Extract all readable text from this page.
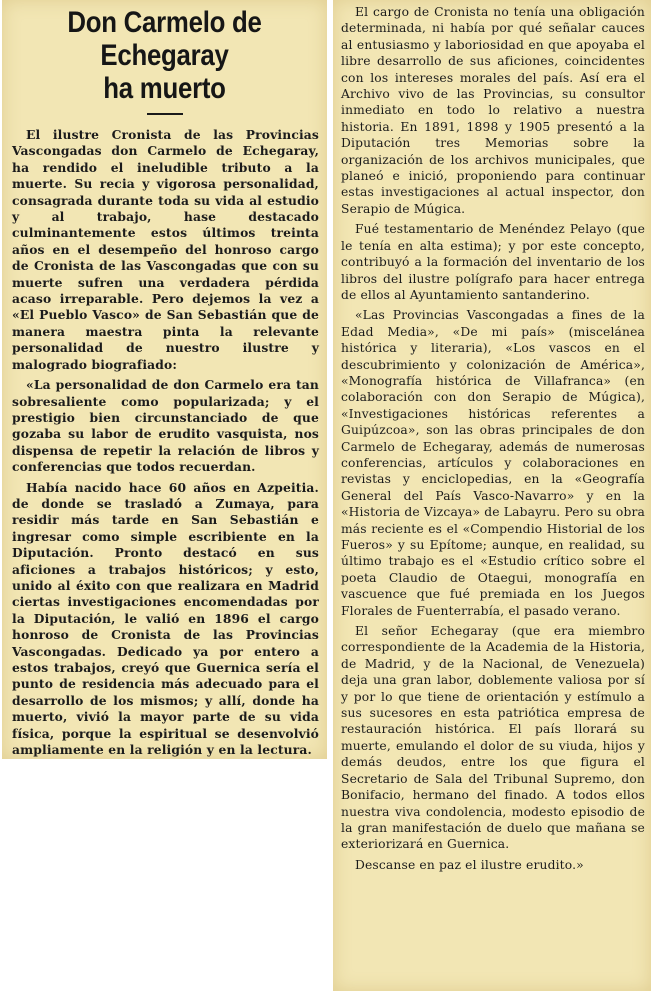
Don Carmelo de Echegaray
ha muerto

El ilustre Cronista de las Provincias Vascongadas don Carmelo de Echegaray, ha rendido el ineludible tributo a la muerte. Su recia y vigorosa personalidad, consagrada durante toda su vida al estudio y al trabajo, hase destacado culminantemente estos últimos treinta años en el desempeño del honroso cargo de Cronista de las Vascongadas que con su muerte sufren una verdadera pérdida acaso irreparable. Pero dejemos la vez a «El Pueblo Vasco» de San Sebastián que de manera maestra pinta la relevante personalidad de nuestro ilustre y malogrado biografiado:

«La personalidad de don Carmelo era tan sobresaliente como popularizada; y el prestigio bien circunstanciado de que gozaba su labor de erudito vasquista, nos dispensa de repetir la relación de libros y conferencias que todos recuerdan.

Había nacido hace 60 años en Azpeitia. de donde se trasladó a Zumaya, para residir más tarde en San Sebastián e ingresar como simple escribiente en la Diputación. Pronto destacó en sus aficiones a trabajos históricos; y esto, unido al éxito con que realizara en Madrid ciertas investigaciones encomendadas por la Diputación, le valió en 1896 el cargo honroso de Cronista de las Provincias Vascongadas. Dedicado ya por entero a estos trabajos, creyó que Guernica sería el punto de residencia más adecuado para el desarrollo de los mismos; y allí, donde ha muerto, vivió la mayor parte de su vida física, porque la espiritual se desenvolvió ampliamente en la religión y en la lectura.

El cargo de Cronista no tenía una obligación determinada, ni había por qué señalar cauces al entusiasmo y laboriosidad en que apoyaba el libre desarrollo de sus aficiones, coincidentes con los intereses morales del país. Así era el Archivo vivo de las Provincias, su consultor inmediato en todo lo relativo a nuestra historia. En 1891, 1898 y 1905 presentó a la Diputación tres Memorias sobre la organización de los archivos municipales, que planeó e inició, proponiendo para continuar estas investigaciones al actual inspector, don Serapio de Múgica.

Fué testamentario de Menéndez Pelayo (que le tenía en alta estima); y por este concepto, contribuyó a la formación del inventario de los libros del ilustre polígrafo para hacer entrega de ellos al Ayuntamiento santanderino.

«Las Provincias Vascongadas a fines de la Edad Media», «De mi país» (miscelánea histórica y literaria), «Los vascos en el descubrimiento y colonización de América», «Monografía histórica de Villafranca» (en colaboración con don Serapio de Múgica), «Investigaciones históricas referentes a Guipúzcoa», son las obras principales de don Carmelo de Echegaray, además de numerosas conferencias, artículos y colaboraciones en revistas y enciclopedias, en la «Geografía General del País Vasco-Navarro» y en la «Historia de Vizcaya» de Labayru. Pero su obra más reciente es el «Compendio Historial de los Fueros» y su Epítome; aunque, en realidad, su último trabajo es el «Estudio crítico sobre el poeta Claudio de Otaegui, monografía en vascuence que fué premiada en los Juegos Florales de Fuenterrabía, el pasado verano.

El señor Echegaray (que era miembro correspondiente de la Academia de la Historia, de Madrid, y de la Nacional, de Venezuela) deja una gran labor, doblemente valiosa por sí y por lo que tiene de orientación y estímulo a sus sucesores en esta patriótica empresa de restauración histórica. El país llorará su muerte, emulando el dolor de su viuda, hijos y demás deudos, entre los que figura el Secretario de Sala del Tribunal Supremo, don Bonifacio, hermano del finado. A todos ellos nuestra viva condolencia, modesto episodio de la gran manifestación de duelo que mañana se exteriorizará en Guernica.

Descanse en paz el ilustre erudito.»
